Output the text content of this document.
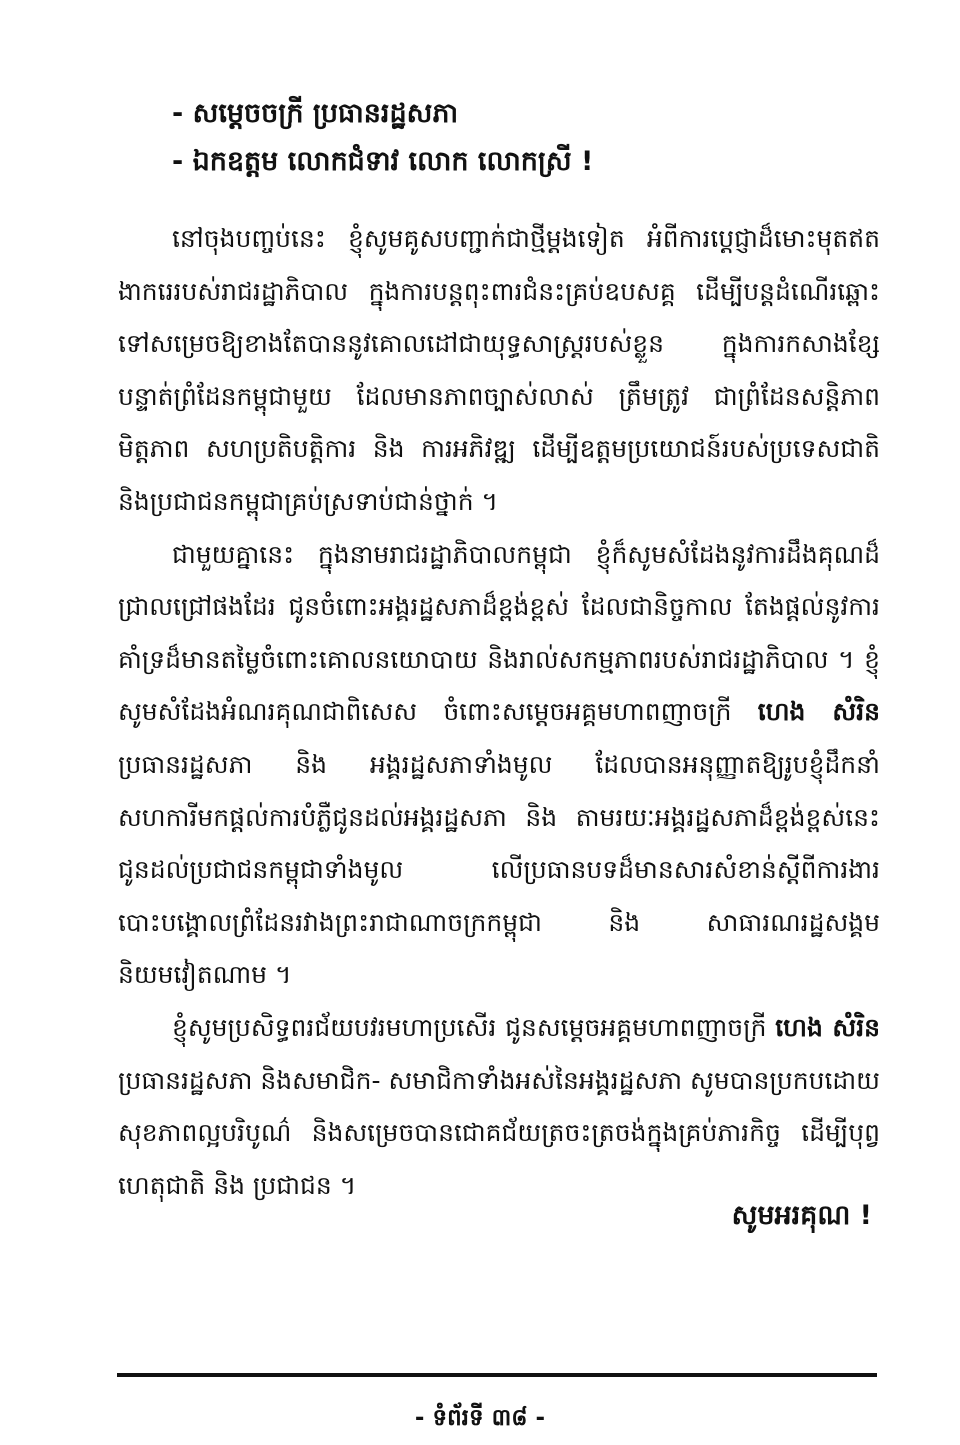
- សម្តេចចក្រី ប្រធានរដ្ឋសភា
- ឯកឧត្តម លោកជំទាវ លោក លោកស្រី !

នៅចុងបញ្ចប់នេះ ខ្ញុំសូមគូសបញ្ជាក់ជាថ្មីម្តងទៀត អំពីការប្តេជ្ញាដ៏មោះមុតឥតងាករេរបស់រាជរដ្ឋាភិបាល ក្នុងការបន្តពុះពារជំនះគ្រប់ឧបសគ្គ ដើម្បីបន្តដំណើរឆ្ពោះទៅសម្រេចឱ្យខាងតែបាននូវគោលដៅជាយុទ្ធសាស្ត្ររបស់ខ្លួន ក្នុងការកសាងខ្សែបន្ទាត់ព្រំដែនកម្ពុជាមួយ ដែលមានភាពច្បាស់លាស់ ត្រឹមត្រូវ ជាព្រំដែនសន្តិភាព មិត្តភាព សហប្រតិបត្តិការ និង ការអភិវឌ្ឍ ដើម្បីឧត្តមប្រយោជន៍របស់ប្រទេសជាតិ និងប្រជាជនកម្ពុជាគ្រប់ស្រទាប់ជាន់ថ្នាក់ ។

ជាមួយគ្នានេះ ក្នុងនាមរាជរដ្ឋាភិបាលកម្ពុជា ខ្ញុំក៏សូមសំដែងនូវការដឹងគុណដ៏ជ្រាលជ្រៅផងដែរ ជូនចំពោះអង្គរដ្ឋសភាដ៏ខ្ពង់ខ្ពស់ ដែលជានិច្ចកាល តែងផ្តល់នូវការគាំទ្រដ៏មានតម្លៃចំពោះគោលនយោបាយ និងរាល់សកម្មភាពរបស់រាជរដ្ឋាភិបាល ។ ខ្ញុំសូមសំដែងអំណរគុណជាពិសេស ចំពោះសម្តេចអគ្គមហាពញាចក្រី ហេង សំរិន ប្រធានរដ្ឋសភា និង អង្គរដ្ឋសភាទាំងមូល ដែលបានអនុញ្ញាតឱ្យរូបខ្ញុំដឹកនាំសហការីមកផ្តល់ការបំភ្លឺជូនដល់អង្គរដ្ឋសភា និង តាមរយៈអង្គរដ្ឋសភាដ៏ខ្ពង់ខ្ពស់នេះ ជូនដល់ប្រជាជនកម្ពុជាទាំងមូល លើប្រធានបទដ៏មានសារសំខាន់ស្តីពីការងារបោះបង្គោលព្រំដែនរវាងព្រះរាជាណាចក្រកម្ពុជា និង សាធារណរដ្ឋសង្គមនិយមវៀតណាម ។

ខ្ញុំសូមប្រសិទ្ធពរជ័យបវរមហាប្រសើរ ជូនសម្តេចអគ្គមហាពញាចក្រី ហេង សំរិន ប្រធានរដ្ឋសភា និងសមាជិក- សមាជិកាទាំងអស់នៃអង្គរដ្ឋសភា សូមបានប្រកបដោយសុខភាពល្អបរិបូណ៌ និងសម្រេចបានជោគជ័យត្រចះត្រចង់ក្នុងគ្រប់ភារកិច្ច ដើម្បីបុព្វហេតុជាតិ និង ប្រជាជន ។

សូមអរគុណ !
- ទំព័រទី ៣៨ -
